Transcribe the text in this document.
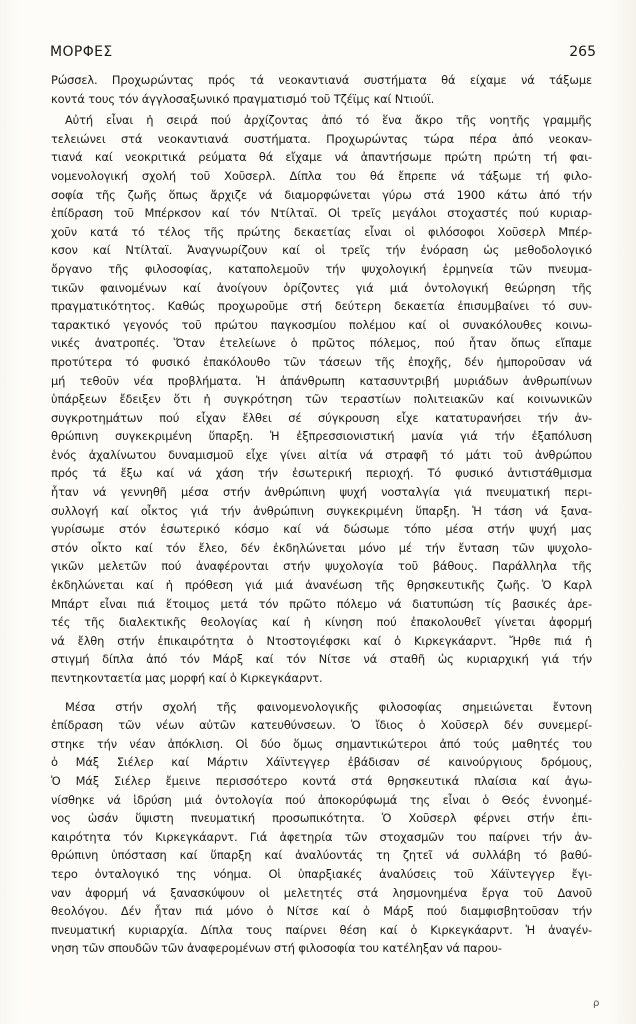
ΜΟΡΦΕΣ	265
Ρώσσελ. Προχωρώντας πρός τά νεοκαντιανά συστήματα θά είχαμε νά τάξωμε
κοντά τους τόν άγγλοσαξωνικό πραγματισμό τοῦ Τζέϊμς καί Ντιούϊ.
Αὐτή εἶναι ἡ σειρά πού ἀρχίζοντας ἀπό τό ἕνα ἄκρο τῆς νοητῆς γραμμῆς
τελειώνει στά νεοκαντιανά συστήματα. Προχωρώντας τώρα πέρα ἀπό νεοκαν-
τιανά καί νεοκριτικά ρεύματα θά εἴχαμε νά ἀπαντήσωμε πρώτη πρώτη τή φαι-
νομενολογική σχολή τοῦ Χοῦσερλ. Δίπλα του θά ἔπρεπε νά τάξωμε τή φιλο-
σοφία τῆς ζωῆς ὅπως ἄρχιζε νά διαμορφώνεται γύρω στά 1900 κάτω ἀπό τήν
ἐπίδραση τοῦ Μπέρκσον καί τόν Ντίλταϊ. Οἱ τρεῖς μεγάλοι στοχαστές πού κυριαρ-
χοῦν κατά τό τέλος τῆς πρώτης δεκαετίας εἶναι οἱ φιλόσοφοι Χοῦσερλ Μπέρ-
κσον καί Ντίλταϊ. Ἀναγνωρίζουν καί οἱ τρεῖς τήν ἐνόραση ὡς μεθοδολογικό
ὄργανο τῆς φιλοσοφίας, καταπολεμοῦν τήν ψυχολογική ἑρμηνεία τῶν πνευμα-
τικῶν φαινομένων καί ἀνοίγουν ὁρίζοντες γιά μιά ὀντολογική θεώρηση τῆς
πραγματικότητος. Καθώς προχωροῦμε στή δεύτερη δεκαετία ἐπισυμβαίνει τό συν-
ταρακτικό γεγονός τοῦ πρώτου παγκοσμίου πολέμου καί οἱ συνακόλουθες κοινω-
νικές ἀνατροπές. Ὅταν ἐτελείωνε ὁ πρῶτος πόλεμος, πού ἦταν ὅπως εἴπαμε
προτύτερα τό φυσικό ἐπακόλουθο τῶν τάσεων τῆς ἐποχῆς, δέν ἠμποροῦσαν νά
μή τεθοῦν νέα προβλήματα. Ἡ ἀπάνθρωπη κατασυντριβή μυριάδων ἀνθρωπίνων
ὑπάρξεων ἔδειξεν ὅτι ἡ συγκρότηση τῶν τεραστίων πολιτειακῶν καί κοινωνικῶν
συγκροτημάτων πού εἶχαν ἔλθει σέ σύγκρουση εἶχε κατατυρανήσει τήν ἀν-
θρώπινη συγκεκριμένη ὕπαρξη. Ἡ ἐξπρεσσιονιστική μανία γιά τήν ἐξαπόλυση
ἑνός ἀχαλίνωτου δυναμισμοῦ εἶχε γίνει αἰτία νά στραφῆ τό μάτι τοῦ ἀνθρώπου
πρός τά ἔξω καί νά χάση τήν ἐσωτερική περιοχή. Τό φυσικό ἀντιστάθμισμα
ἦταν νά γεννηθῆ μέσα στήν ἀνθρώπινη ψυχή νοσταλγία γιά πνευματική περι-
συλλογή καί οἶκτος γιά τήν ἀνθρώπινη συγκεκριμένη ὕπαρξη. Ἡ τάση νά ξανα-
γυρίσωμε στόν ἐσωτερικό κόσμο καί νά δώσωμε τόπο μέσα στήν ψυχή μας
στόν οἶκτο καί τόν ἔλεο, δέν ἐκδηλώνεται μόνο μέ τήν ἔνταση τῶν ψυχολο-
γικῶν μελετῶν πού ἀναφέρονται στήν ψυχολογία τοῦ βάθους. Παράλληλα τῆς
ἐκδηλώνεται καί ἡ πρόθεση γιά μιά ἀνανέωση τῆς θρησκευτικῆς ζωῆς. Ὁ Καρλ
Μπάρτ εἶναι πιά ἕτοιμος μετά τόν πρῶτο πόλεμο νά διατυπώση τίς βασικές ἀρε-
τές τῆς διαλεκτικῆς θεολογίας καί ἡ κίνηση πού ἐπακολουθεῖ γίνεται ἀφορμή
νά ἔλθη στήν ἐπικαιρότητα ὁ Ντοστογιέφσκι καί ὁ Κιρκεγκάαρντ. Ἤρθε πιά ἡ
στιγμή δίπλα ἀπό τόν Μάρξ καί τόν Νίτσε νά σταθῆ ὡς κυριαρχική γιά τήν
πεντηκονταετία μας μορφή καί ὁ Κιρκεγκάαρντ.
Μέσα στήν σχολή τῆς φαινομενολογικῆς φιλοσοφίας σημειώνεται ἔντονη
ἐπίδραση τῶν νέων αὐτῶν κατευθύνσεων. Ὁ ἴδιος ὁ Χοῦσερλ δέν συνεμερί-
στηκε τήν νέαν ἀπόκλιση. Οἱ δύο ὅμως σημαντικώτεροι ἀπό τούς μαθητές του
ὁ Μάξ Σιέλερ καί Μάρτιν Χάϊντεγγερ ἐβάδισαν σέ καινούργιους δρόμους,
Ὁ Μάξ Σιέλερ ἔμεινε περισσότερο κοντά στά θρησκευτικά πλαίσια καί ἀγω-
νίσθηκε νά ἱδρύση μιά ὀντολογία πού ἀποκορύφωμά της εἶναι ὁ Θεός ἐννοημέ-
νος ὡσάν ὕψιστη πνευματική προσωπικότητα. Ὁ Χοῦσερλ φέρνει στήν ἐπι-
καιρότητα τόν Κιρκεγκάαρντ. Γιά ἀφετηρία τῶν στοχασμῶν του παίρνει τήν ἀν-
θρώπινη ὑπόσταση καί ὕπαρξη καί ἀναλύοντάς τη ζητεῖ νά συλλάβη τό βαθύ-
τερο ὀνταλογικό της νόημα. Οἱ ὑπαρξιακές ἀναλύσεις τοῦ Χάϊντεγγερ ἔγι-
ναν ἀφορμή νά ξανασκύψουν οἱ μελετητές στά λησμονημένα ἔργα τοῦ Δανοῦ
θεολόγου. Δέν ἦταν πιά μόνο ὁ Νίτσε καί ὁ Μάρξ πού διαμφισβητοῦσαν τήν
πνευματική κυριαρχία. Δίπλα τους παίρνει θέση καί ὁ Κιρκεγκάαρντ. Ἡ ἀναγέν-
νηση τῶν σπουδῶν τῶν ἀναφερομένων στή φιλοσοφία του κατέληξαν νά παρου-
ρ
